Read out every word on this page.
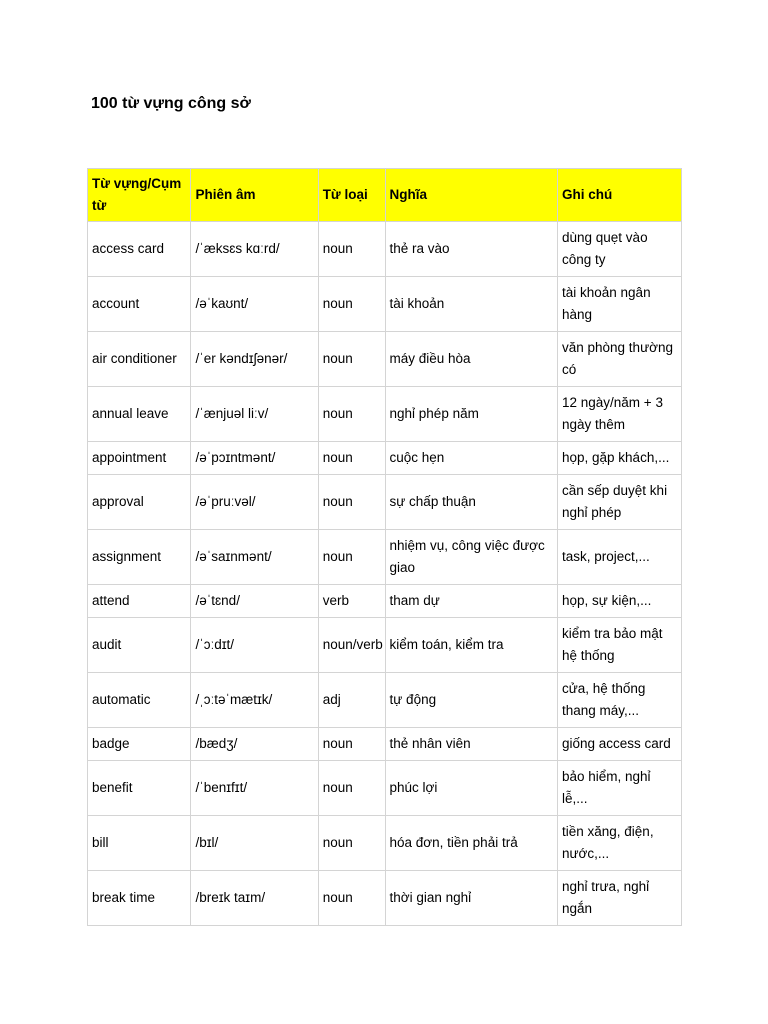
100 từ vựng công sở
Từ vựng/Cụm từ	Phiên âm	Từ loại	Nghĩa	Ghi chú
access card	/ˈæksɛs kɑːrd/	noun	thẻ ra vào	dùng quẹt vào công ty
account	/əˈkaʊnt/	noun	tài khoản	tài khoản ngân hàng
air conditioner	/ˈer kəndɪʃənər/	noun	máy điều hòa	văn phòng thường có
annual leave	/ˈænjuəl liːv/	noun	nghỉ phép năm	12 ngày/năm + 3 ngày thêm
appointment	/əˈpɔɪntmənt/	noun	cuộc hẹn	họp, gặp khách,...
approval	/əˈpruːvəl/	noun	sự chấp thuận	cần sếp duyệt khi nghỉ phép
assignment	/əˈsaɪnmənt/	noun	nhiệm vụ, công việc được giao	task, project,...
attend	/əˈtɛnd/	verb	tham dự	họp, sự kiện,...
audit	/ˈɔːdɪt/	noun/verb	kiểm toán, kiểm tra	kiểm tra bảo mật hệ thống
automatic	/ˌɔːtəˈmætɪk/	adj	tự động	cửa, hệ thống thang máy,...
badge	/bædʒ/	noun	thẻ nhân viên	giống access card
benefit	/ˈbenɪfɪt/	noun	phúc lợi	bảo hiểm, nghỉ lễ,...
bill	/bɪl/	noun	hóa đơn, tiền phải trả	tiền xăng, điện, nước,...
break time	/breɪk taɪm/	noun	thời gian nghỉ	nghỉ trưa, nghỉ ngắn
